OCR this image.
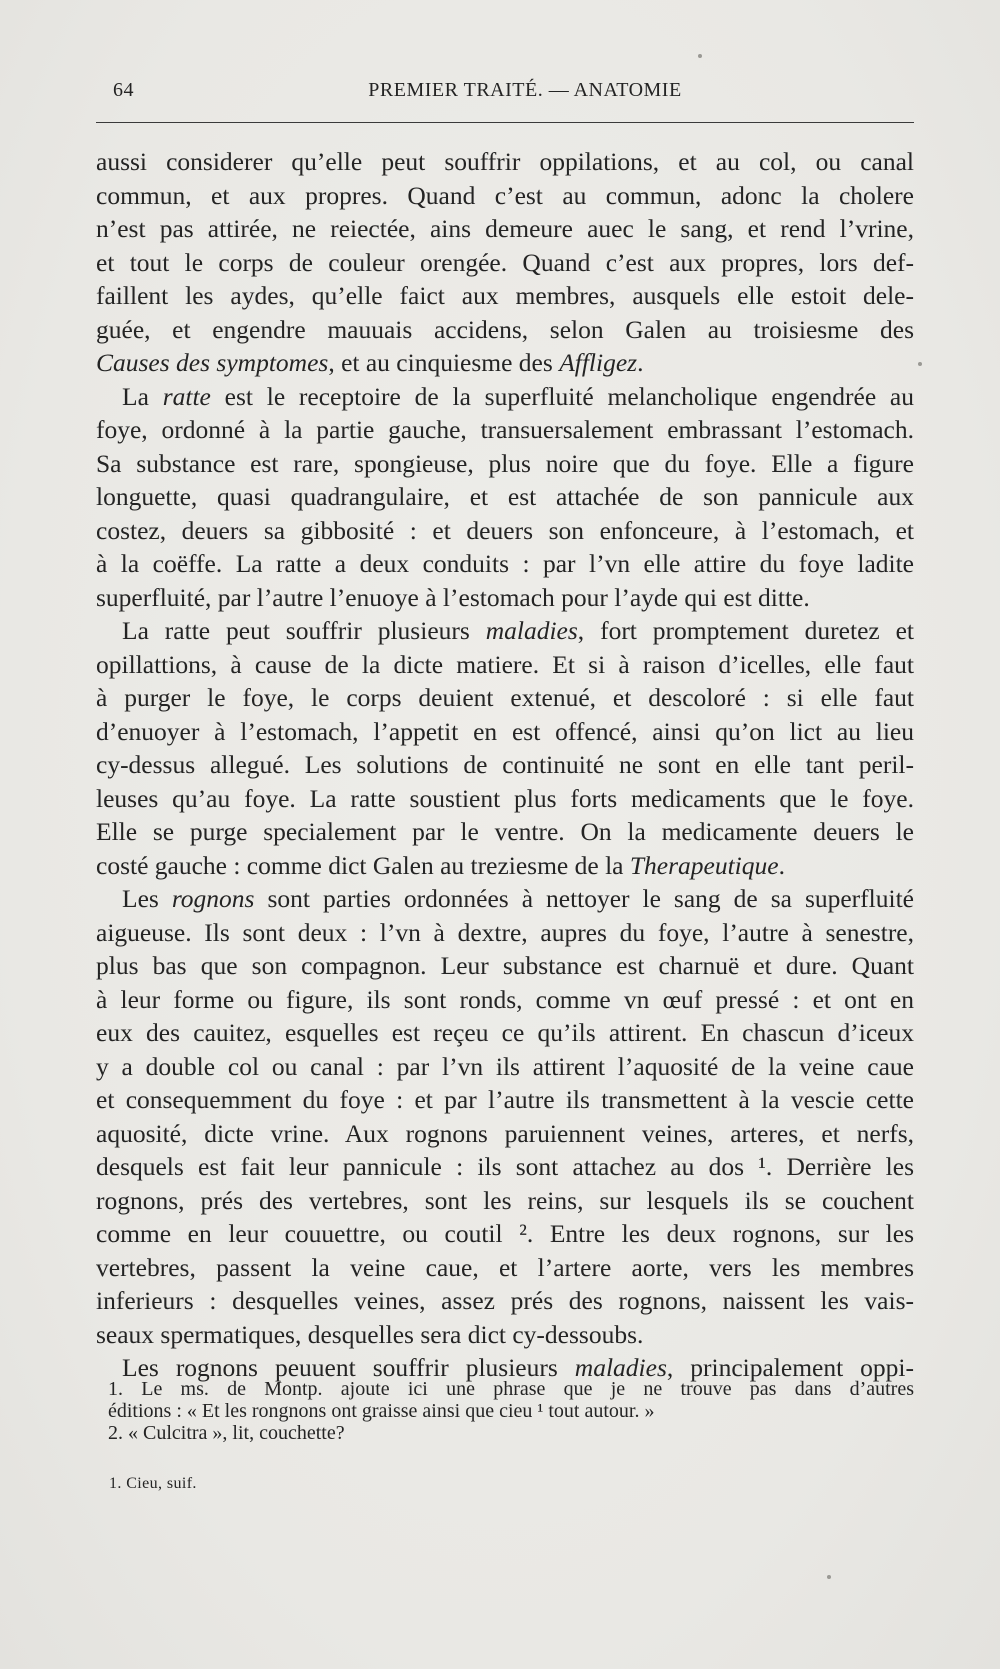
64	PREMIER TRAITÉ. — ANATOMIE
aussi considerer qu’elle peut souffrir oppilations, et au col, ou canal
commun, et aux propres. Quand c’est au commun, adonc la cholere
n’est pas attirée, ne reiectée, ains demeure auec le sang, et rend l’vrine,
et tout le corps de couleur orengée. Quand c’est aux propres, lors def-
faillent les aydes, qu’elle faict aux membres, ausquels elle estoit dele-
guée, et engendre mauuais accidens, selon Galen au troisiesme des
Causes des symptomes, et au cinquiesme des Affligez.
La ratte est le receptoire de la superfluité melancholique engendrée au
foye, ordonné à la partie gauche, transuersalement embrassant l’estomach.
Sa substance est rare, spongieuse, plus noire que du foye. Elle a figure
longuette, quasi quadrangulaire, et est attachée de son pannicule aux
costez, deuers sa gibbosité : et deuers son enfonceure, à l’estomach, et
à la coëffe. La ratte a deux conduits : par l’vn elle attire du foye ladite
superfluité, par l’autre l’enuoye à l’estomach pour l’ayde qui est ditte.
La ratte peut souffrir plusieurs maladies, fort promptement duretez et
opillattions, à cause de la dicte matiere. Et si à raison d’icelles, elle faut
à purger le foye, le corps deuient extenué, et descoloré : si elle faut
d’enuoyer à l’estomach, l’appetit en est offencé, ainsi qu’on lict au lieu
cy-dessus allegué. Les solutions de continuité ne sont en elle tant peril-
leuses qu’au foye. La ratte soustient plus forts medicaments que le foye.
Elle se purge specialement par le ventre. On la medicamente deuers le
costé gauche : comme dict Galen au treziesme de la Therapeutique.
Les rognons sont parties ordonnées à nettoyer le sang de sa superfluité
aigueuse. Ils sont deux : l’vn à dextre, aupres du foye, l’autre à senestre,
plus bas que son compagnon. Leur substance est charnuë et dure. Quant
à leur forme ou figure, ils sont ronds, comme vn œuf pressé : et ont en
eux des cauitez, esquelles est reçeu ce qu’ils attirent. En chascun d’iceux
y a double col ou canal : par l’vn ils attirent l’aquosité de la veine caue
et consequemment du foye : et par l’autre ils transmettent à la vescie cette
aquosité, dicte vrine. Aux rognons paruiennent veines, arteres, et nerfs,
desquels est fait leur pannicule : ils sont attachez au dos ¹. Derrière les
rognons, prés des vertebres, sont les reins, sur lesquels ils se couchent
comme en leur couuettre, ou coutil ². Entre les deux rognons, sur les
vertebres, passent la veine caue, et l’artere aorte, vers les membres
inferieurs : desquelles veines, assez prés des rognons, naissent les vais-
seaux spermatiques, desquelles sera dict cy-dessoubs.
Les rognons peuuent souffrir plusieurs maladies, principalement oppi-
1. Le ms. de Montp. ajoute ici une phrase que je ne trouve pas dans d’autres
éditions : « Et les rongnons ont graisse ainsi que cieu ¹ tout autour. »
2. « Culcitra », lit, couchette?
1. Cieu, suif.
